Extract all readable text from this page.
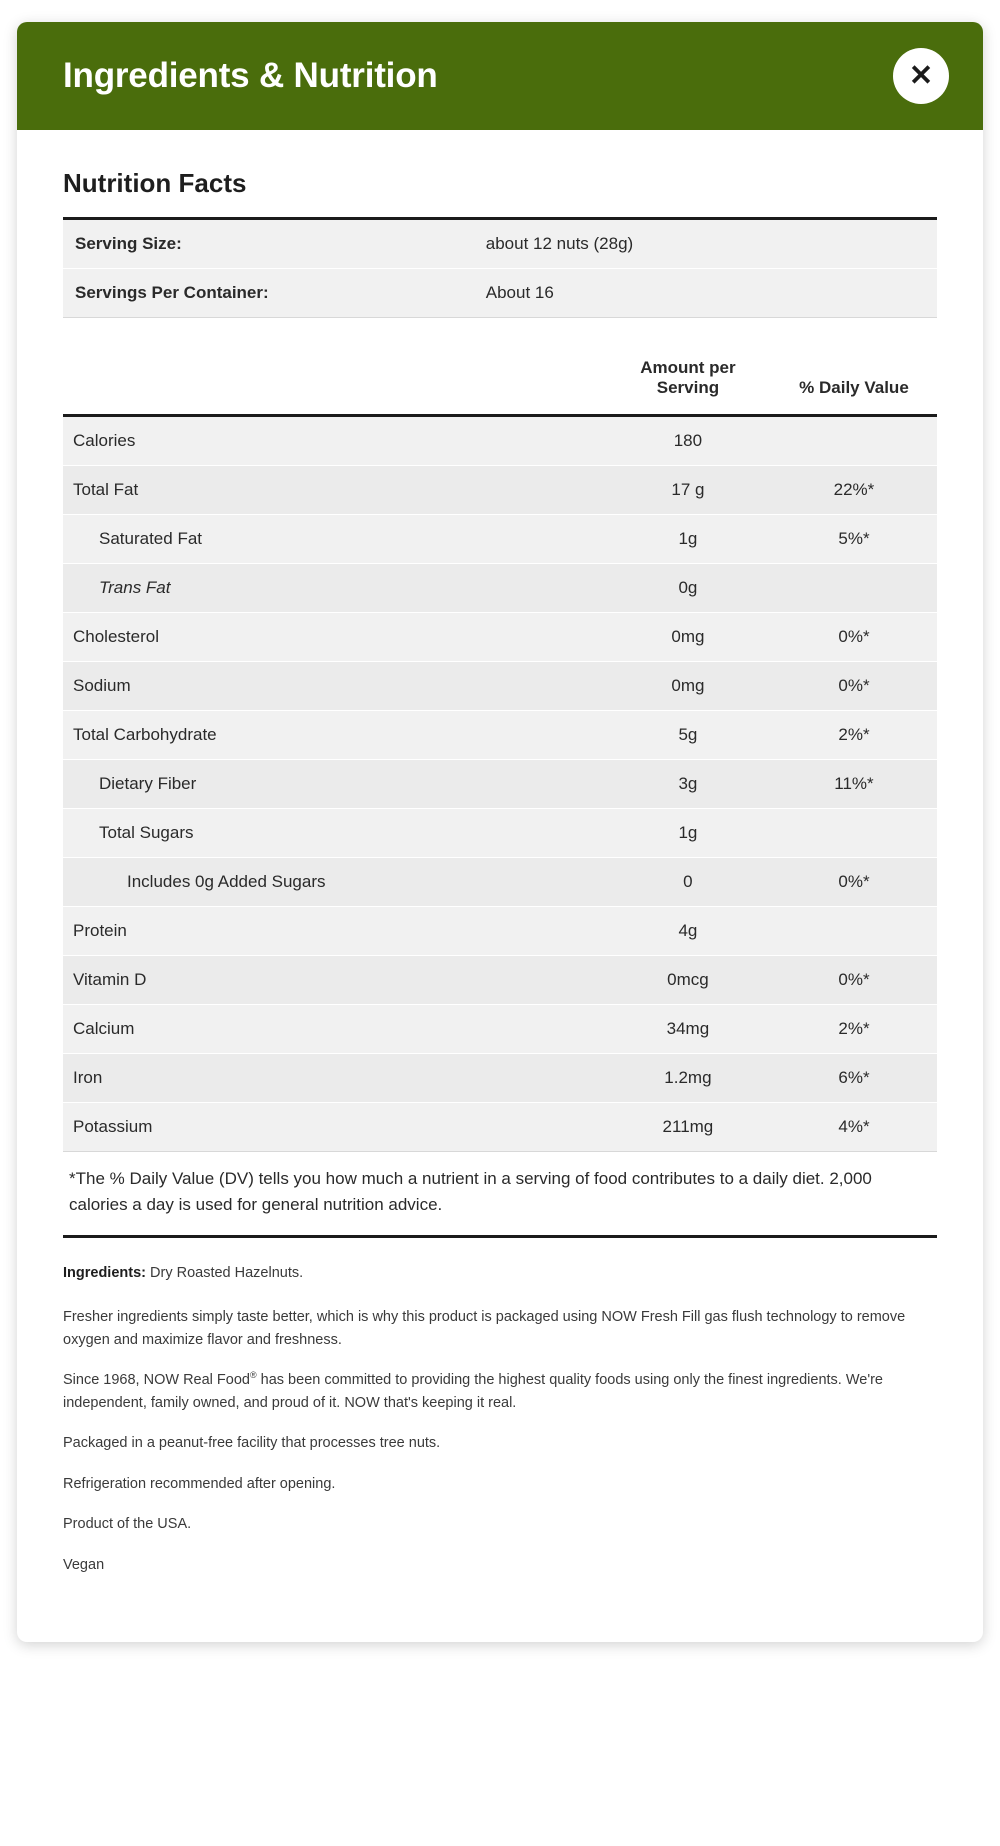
Ingredients & Nutrition	✕
Nutrition Facts
Serving Size:	about 12 nuts (28g)
Servings Per Container:	About 16
	Amount per Serving	% Daily Value
Calories	180	
Total Fat	17 g	22%*
Saturated Fat	1g	5%*
Trans Fat	0g	
Cholesterol	0mg	0%*
Sodium	0mg	0%*
Total Carbohydrate	5g	2%*
Dietary Fiber	3g	11%*
Total Sugars	1g	
Includes 0g Added Sugars	0	0%*
Protein	4g	
Vitamin D	0mcg	0%*
Calcium	34mg	2%*
Iron	1.2mg	6%*
Potassium	211mg	4%*
*The % Daily Value (DV) tells you how much a nutrient in a serving of food contributes to a daily diet. 2,000 calories a day is used for general nutrition advice.

Ingredients: Dry Roasted Hazelnuts.

Fresher ingredients simply taste better, which is why this product is packaged using NOW Fresh Fill gas flush technology to remove oxygen and maximize flavor and freshness.

Since 1968, NOW Real Food® has been committed to providing the highest quality foods using only the finest ingredients. We're independent, family owned, and proud of it. NOW that's keeping it real.

Packaged in a peanut-free facility that processes tree nuts.

Refrigeration recommended after opening.

Product of the USA.

Vegan
